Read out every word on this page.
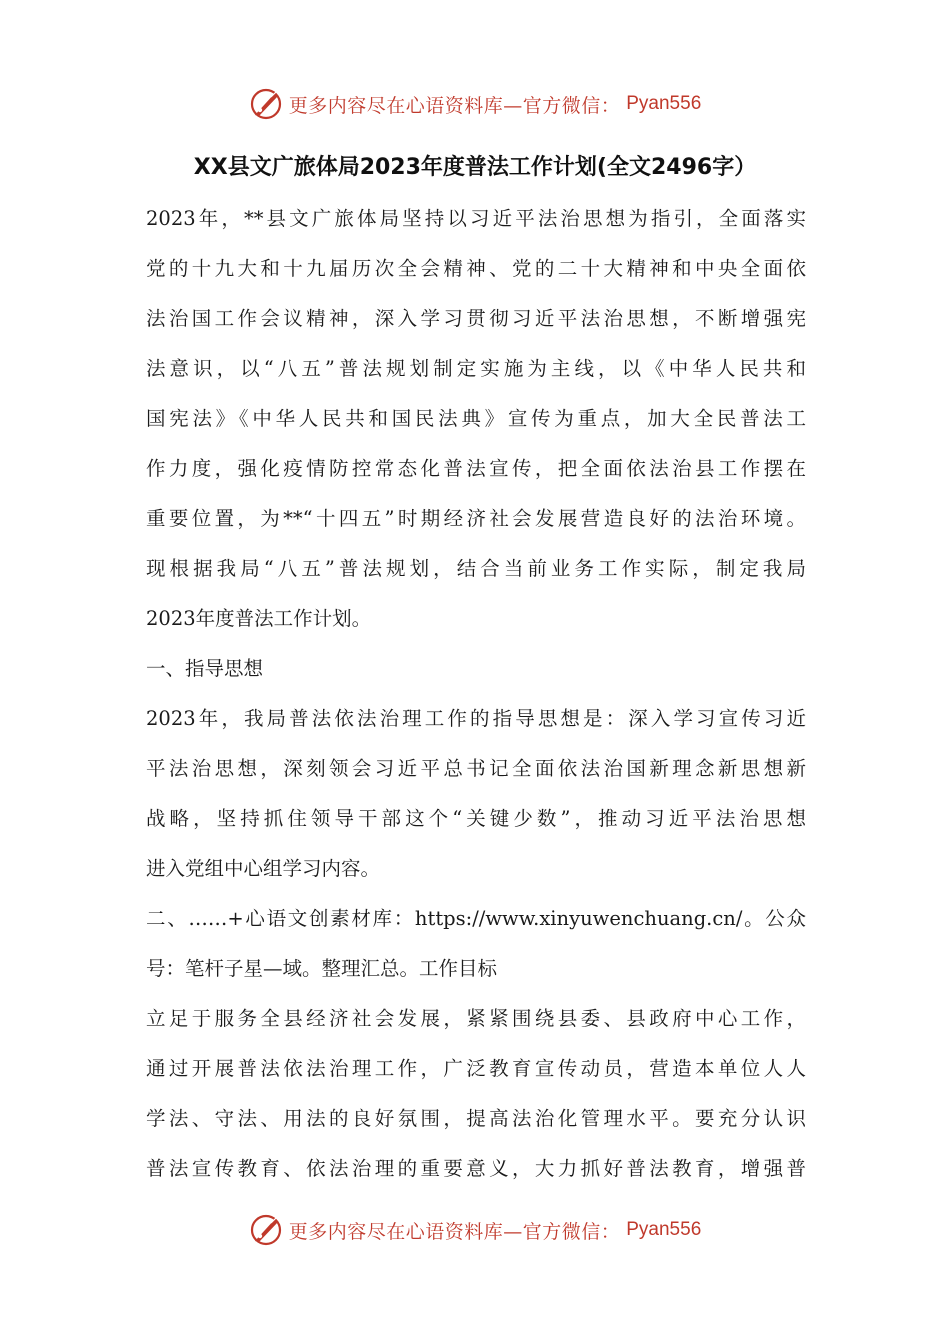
更多内容尽在心语资料库—官方微信： Pyan556
XX县文广旅体局2023年度普法工作计划(全文2496字）
2023年，**县文广旅体局坚持以习近平法治思想为指引，全面落实
党的十九大和十九届历次全会精神、党的二十大精神和中央全面依
法治国工作会议精神，深入学习贯彻习近平法治思想，不断增强宪
法意识，以“八五”普法规划制定实施为主线，以《中华人民共和
国宪法》《中华人民共和国民法典》宣传为重点，加大全民普法工
作力度，强化疫情防控常态化普法宣传，把全面依法治县工作摆在
重要位置，为**“十四五”时期经济社会发展营造良好的法治环境。
现根据我局“八五”普法规划，结合当前业务工作实际，制定我局
2023年度普法工作计划。
一、指导思想
2023年，我局普法依法治理工作的指导思想是：深入学习宣传习近
平法治思想，深刻领会习近平总书记全面依法治国新理念新思想新
战略，坚持抓住领导干部这个“关键少数”，推动习近平法治思想
进入党组中心组学习内容。
二、……+心语文创素材库：https://www.xinyuwenchuang.cn/。公众
号：笔杆子星—域。整理汇总。工作目标
立足于服务全县经济社会发展，紧紧围绕县委、县政府中心工作，
通过开展普法依法治理工作，广泛教育宣传动员，营造本单位人人
学法、守法、用法的良好氛围，提高法治化管理水平。要充分认识
普法宣传教育、依法治理的重要意义，大力抓好普法教育，增强普
更多内容尽在心语资料库—官方微信： Pyan556
